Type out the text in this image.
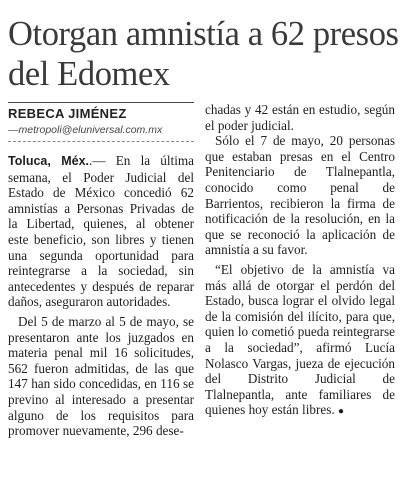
Otorgan amnistía a 62 presos del Edomex
REBECA JIMÉNEZ
—metropoli@eluniversal.com.mx

Toluca, Méx..— En la última semana, el Poder Judicial del Estado de México concedió 62 amnistías a Personas Privadas de la Libertad, quienes, al obtener este beneficio, son libres y tienen una segunda oportunidad para reintegrarse a la sociedad, sin antecedentes y después de reparar daños, aseguraron autoridades.

Del 5 de marzo al 5 de mayo, se presentaron ante los juzgados en materia penal mil 16 solicitudes, 562 fueron admitidas, de las que 147 han sido concedidas, en 116 se previno al interesado a presentar alguno de los requisitos para promover nuevamente, 296 dese-

chadas y 42 están en estudio, según el poder judicial.

Sólo el 7 de mayo, 20 personas que estaban presas en el Centro Penitenciario de Tlalnepantla, conocido como penal de Barrientos, recibieron la firma de notificación de la resolución, en la que se reconoció la aplicación de amnistía a su favor.

“El objetivo de la amnistía va más allá de otorgar el perdón del Estado, busca lograr el olvido legal de la comisión del ilícito, para que, quien lo cometió pueda reintegrarse a la sociedad”, afirmó Lucía Nolasco Vargas, jueza de ejecución del Distrito Judicial de Tlalnepantla, ante familiares de quienes hoy están libres. ●
